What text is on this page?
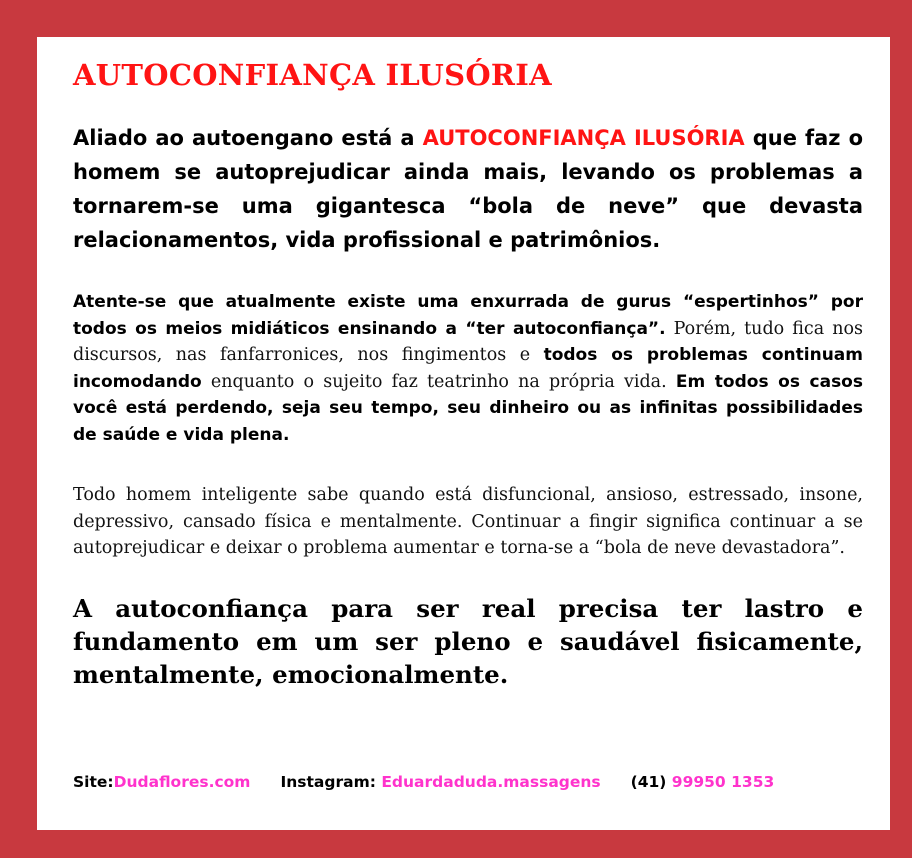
AUTOCONFIANÇA ILUSÓRIA

Aliado ao autoengano está a AUTOCONFIANÇA ILUSÓRIA que faz o homem se autoprejudicar ainda mais, levando os problemas a tornarem-se uma gigantesca “bola de neve” que devasta relacionamentos, vida profissional e patrimônios.

Atente-se que atualmente existe uma enxurrada de gurus “espertinhos” por todos os meios midiáticos ensinando a “ter autoconfiança”. Porém, tudo fica nos discursos, nas fanfarronices, nos fingimentos e todos os problemas continuam incomodando enquanto o sujeito faz teatrinho na própria vida. Em todos os casos você está perdendo, seja seu tempo, seu dinheiro ou as infinitas possibilidades de saúde e vida plena.

Todo homem inteligente sabe quando está disfuncional, ansioso, estressado, insone, depressivo, cansado física e mentalmente. Continuar a fingir significa continuar a se autoprejudicar e deixar o problema aumentar e torna-se a “bola de neve devastadora”.

A autoconfiança para ser real precisa ter lastro e fundamento em um ser pleno e saudável fisicamente, mentalmente, emocionalmente.

Site:Dudaflores.com Instagram: Eduardaduda.massagens (41) 99950 1353
